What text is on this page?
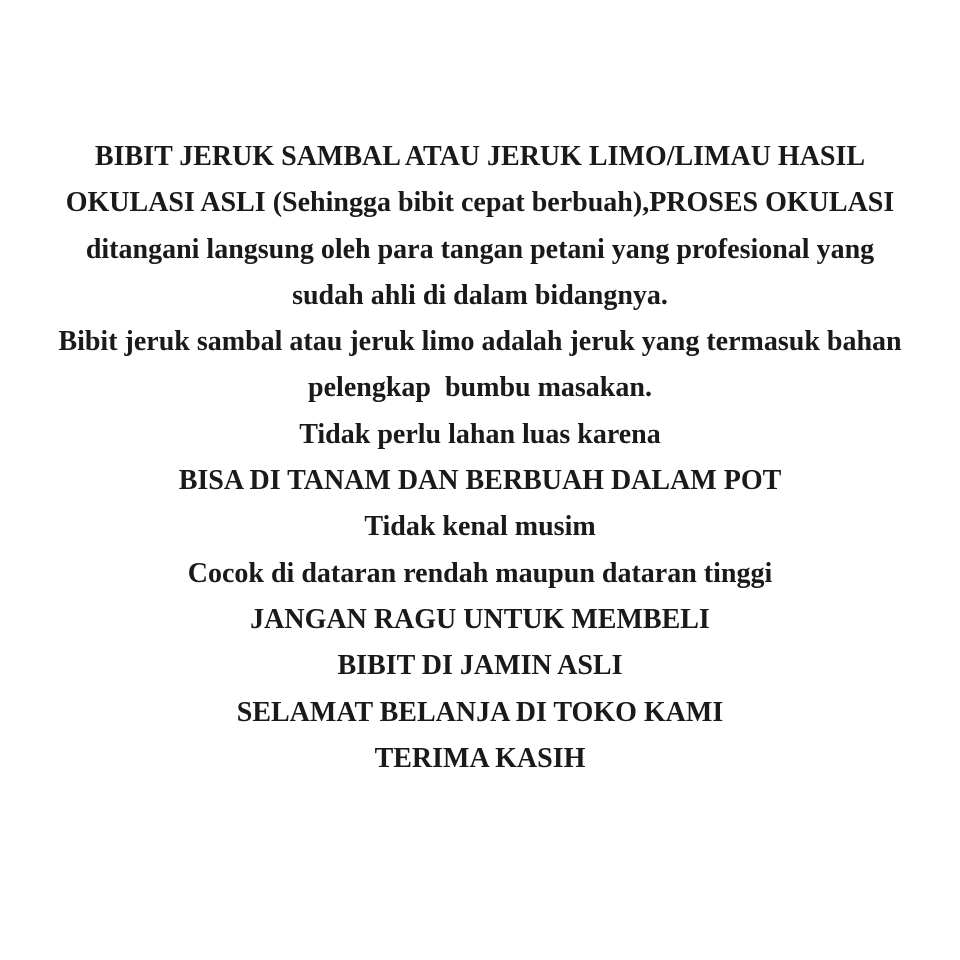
BIBIT JERUK SAMBAL ATAU JERUK LIMO/LIMAU HASIL
OKULASI ASLI (Sehingga bibit cepat berbuah),PROSES OKULASI
ditangani langsung oleh para tangan petani yang profesional yang
sudah ahli di dalam bidangnya.
Bibit jeruk sambal atau jeruk limo adalah jeruk yang termasuk bahan
pelengkap  bumbu masakan.
Tidak perlu lahan luas karena
BISA DI TANAM DAN BERBUAH DALAM POT
Tidak kenal musim
Cocok di dataran rendah maupun dataran tinggi
JANGAN RAGU UNTUK MEMBELI
BIBIT DI JAMIN ASLI
SELAMAT BELANJA DI TOKO KAMI
TERIMA KASIH
